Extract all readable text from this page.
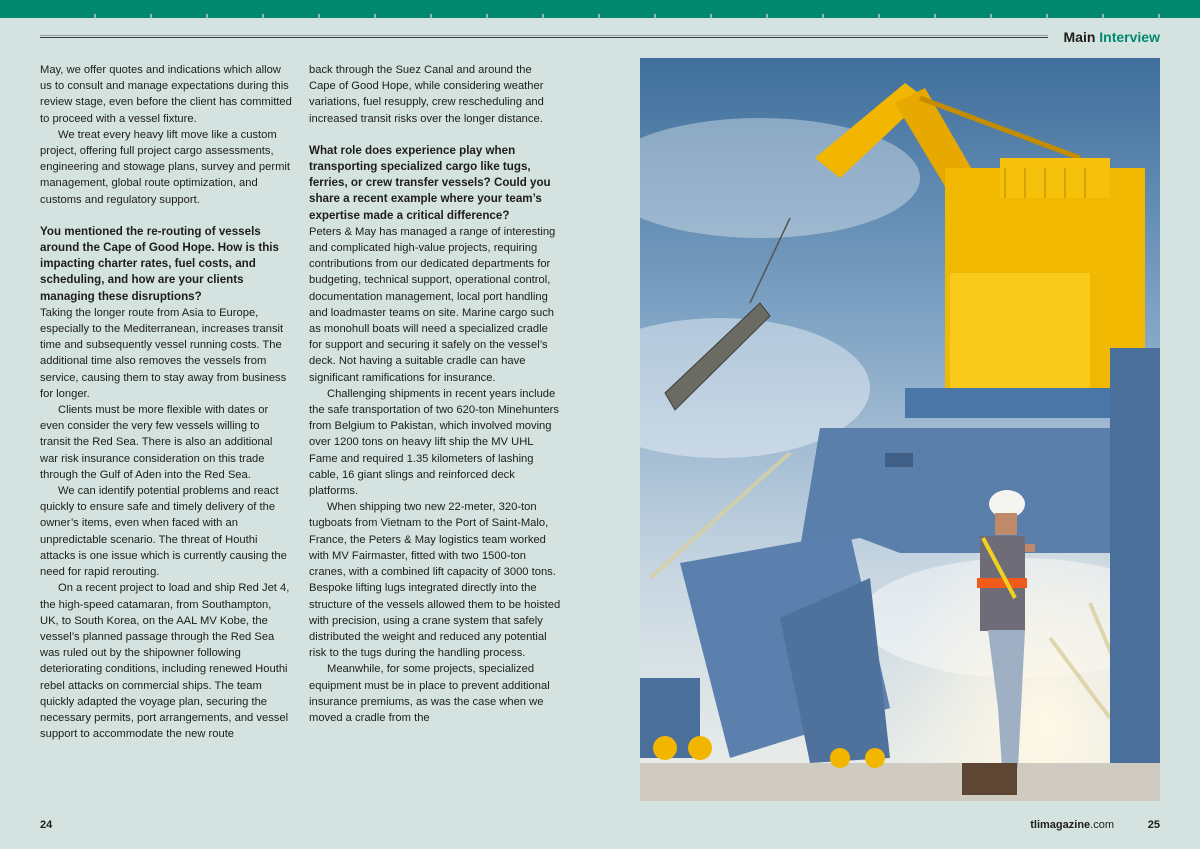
Main Interview

May, we offer quotes and indications which allow us to consult and manage expectations during this review stage, even before the client has committed to proceed with a vessel fixture.

We treat every heavy lift move like a custom project, offering full project cargo assessments, engineering and stowage plans, survey and permit management, global route optimization, and customs and regulatory support.

You mentioned the re-routing of vessels around the Cape of Good Hope. How is this impacting charter rates, fuel costs, and scheduling, and how are your clients managing these disruptions?

Taking the longer route from Asia to Europe, especially to the Mediterranean, increases transit time and subsequently vessel running costs. The additional time also removes the vessels from service, causing them to stay away from business for longer.

Clients must be more flexible with dates or even consider the very few vessels willing to transit the Red Sea. There is also an additional war risk insurance consideration on this trade through the Gulf of Aden into the Red Sea.

We can identify potential problems and react quickly to ensure safe and timely delivery of the owner’s items, even when faced with an unpredictable scenario. The threat of Houthi attacks is one issue which is currently causing the need for rapid rerouting.

On a recent project to load and ship Red Jet 4, the high-speed catamaran, from Southampton, UK, to South Korea, on the AAL MV Kobe, the vessel’s planned passage through the Red Sea was ruled out by the shipowner following deteriorating conditions, including renewed Houthi rebel attacks on commercial ships. The team quickly adapted the voyage plan, securing the necessary permits, port arrangements, and vessel support to accommodate the new route

back through the Suez Canal and around the Cape of Good Hope, while considering weather variations, fuel resupply, crew rescheduling and increased transit risks over the longer distance.

What role does experience play when transporting specialized cargo like tugs, ferries, or crew transfer vessels? Could you share a recent example where your team’s expertise made a critical difference?

Peters & May has managed a range of interesting and complicated high-value projects, requiring contributions from our dedicated departments for budgeting, technical support, operational control, documentation management, local port handling and loadmaster teams on site. Marine cargo such as monohull boats will need a specialized cradle for support and securing it safely on the vessel’s deck. Not having a suitable cradle can have significant ramifications for insurance.

Challenging shipments in recent years include the safe transportation of two 620-ton Minehunters from Belgium to Pakistan, which involved moving over 1200 tons on heavy lift ship the MV UHL Fame and required 1.35 kilometers of lashing cable, 16 giant slings and reinforced deck platforms.

When shipping two new 22-meter, 320-ton tugboats from Vietnam to the Port of Saint-Malo, France, the Peters & May logistics team worked with MV Fairmaster, fitted with two 1500-ton cranes, with a combined lift capacity of 3000 tons. Bespoke lifting lugs integrated directly into the structure of the vessels allowed them to be hoisted with precision, using a crane system that safely distributed the weight and reduced any potential risk to the tugs during the handling process.

Meanwhile, for some projects, specialized equipment must be in place to prevent additional insurance premiums, as was the case when we moved a cradle from the

24	tlimagazine.com	25
